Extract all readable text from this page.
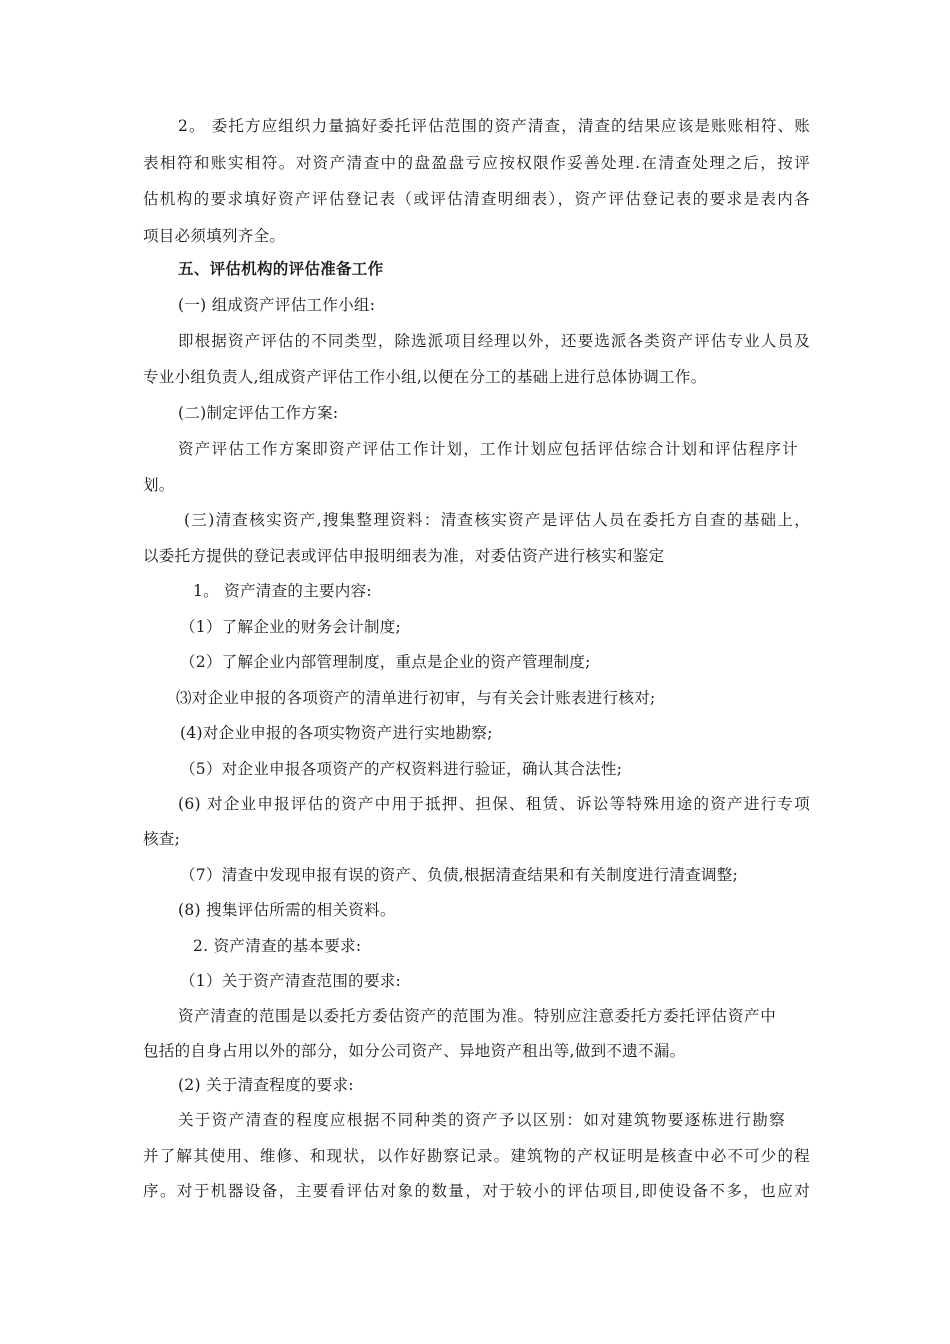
2。 委托方应组织力量搞好委托评估范围的资产清查，清查的结果应该是账账相符、账
表相符和账实相符。对资产清查中的盘盈盘亏应按权限作妥善处理.在清查处理之后，按评
估机构的要求填好资产评估登记表（或评估清查明细表），资产评估登记表的要求是表内各
项目必须填列齐全。
五、评估机构的评估准备工作
(一) 组成资产评估工作小组:
即根据资产评估的不同类型，除选派项目经理以外，还要选派各类资产评估专业人员及
专业小组负责人,组成资产评估工作小组,以便在分工的基础上进行总体协调工作。
(二)制定评估工作方案:
资产评估工作方案即资产评估工作计划，工作计划应包括评估综合计划和评估程序计
划。
(三)清查核实资产,搜集整理资料：清查核实资产是评估人员在委托方自查的基础上，
以委托方提供的登记表或评估申报明细表为准，对委估资产进行核实和鉴定
1。 资产清查的主要内容:
（1）了解企业的财务会计制度;
（2）了解企业内部管理制度，重点是企业的资产管理制度;
⑶对企业申报的各项资产的清单进行初审，与有关会计账表进行核对;
(4)对企业申报的各项实物资产进行实地勘察;
（5）对企业申报各项资产的产权资料进行验证，确认其合法性;
(6) 对企业申报评估的资产中用于抵押、担保、租赁、诉讼等特殊用途的资产进行专项
核查;
（7）清查中发现申报有误的资产、负债,根据清查结果和有关制度进行清查调整;
(8) 搜集评估所需的相关资料。
2. 资产清查的基本要求:
（1）关于资产清查范围的要求:
资产清查的范围是以委托方委估资产的范围为准。特别应注意委托方委托评估资产中
包括的自身占用以外的部分，如分公司资产、异地资产租出等,做到不遗不漏。
(2) 关于清查程度的要求:
关于资产清查的程度应根据不同种类的资产予以区别：如对建筑物要逐栋进行勘察
并了解其使用、维修、和现状，以作好勘察记录。建筑物的产权证明是核查中必不可少的程
序。对于机器设备，主要看评估对象的数量，对于较小的评估项目,即使设备不多，也应对
